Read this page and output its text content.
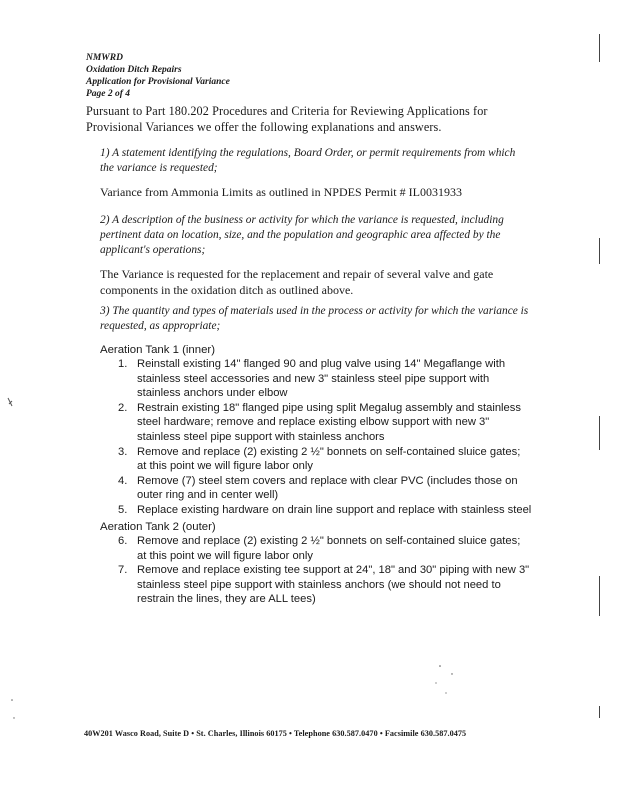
NMWRD
Oxidation Ditch Repairs
Application for Provisional Variance
Page 2 of 4
Pursuant to Part 180.202 Procedures and Criteria for Reviewing Applications for Provisional Variances we offer the following explanations and answers.
1) A statement identifying the regulations, Board Order, or permit requirements from which the variance is requested;
Variance from Ammonia Limits as outlined in NPDES Permit # IL0031933
2) A description of the business or activity for which the variance is requested, including pertinent data on location, size, and the population and geographic area affected by the applicant's operations;
The Variance is requested for the replacement and repair of several valve and gate components in the oxidation ditch as outlined above.
3) The quantity and types of materials used in the process or activity for which the variance is requested, as appropriate;
Aeration Tank 1 (inner)
1. Reinstall existing 14" flanged 90 and plug valve using 14" Megaflange with stainless steel accessories and new 3" stainless steel pipe support with stainless anchors under elbow
2. Restrain existing 18" flanged pipe using split Megalug assembly and stainless steel hardware; remove and replace existing elbow support with new 3" stainless steel pipe support with stainless anchors
3. Remove and replace (2) existing 2 ½" bonnets on self-contained sluice gates; at this point we will figure labor only
4. Remove (7) steel stem covers and replace with clear PVC (includes those on outer ring and in center well)
5. Replace existing hardware on drain line support and replace with stainless steel
Aeration Tank 2 (outer)
6. Remove and replace (2) existing 2 ½" bonnets on self-contained sluice gates; at this point we will figure labor only
7. Remove and replace existing tee support at 24", 18" and 30" piping with new 3" stainless steel pipe support with stainless anchors (we should not need to restrain the lines, they are ALL tees)
40W201 Wasco Road, Suite D • St. Charles, Illinois 60175 • Telephone 630.587.0470 • Facsimile 630.587.0475
